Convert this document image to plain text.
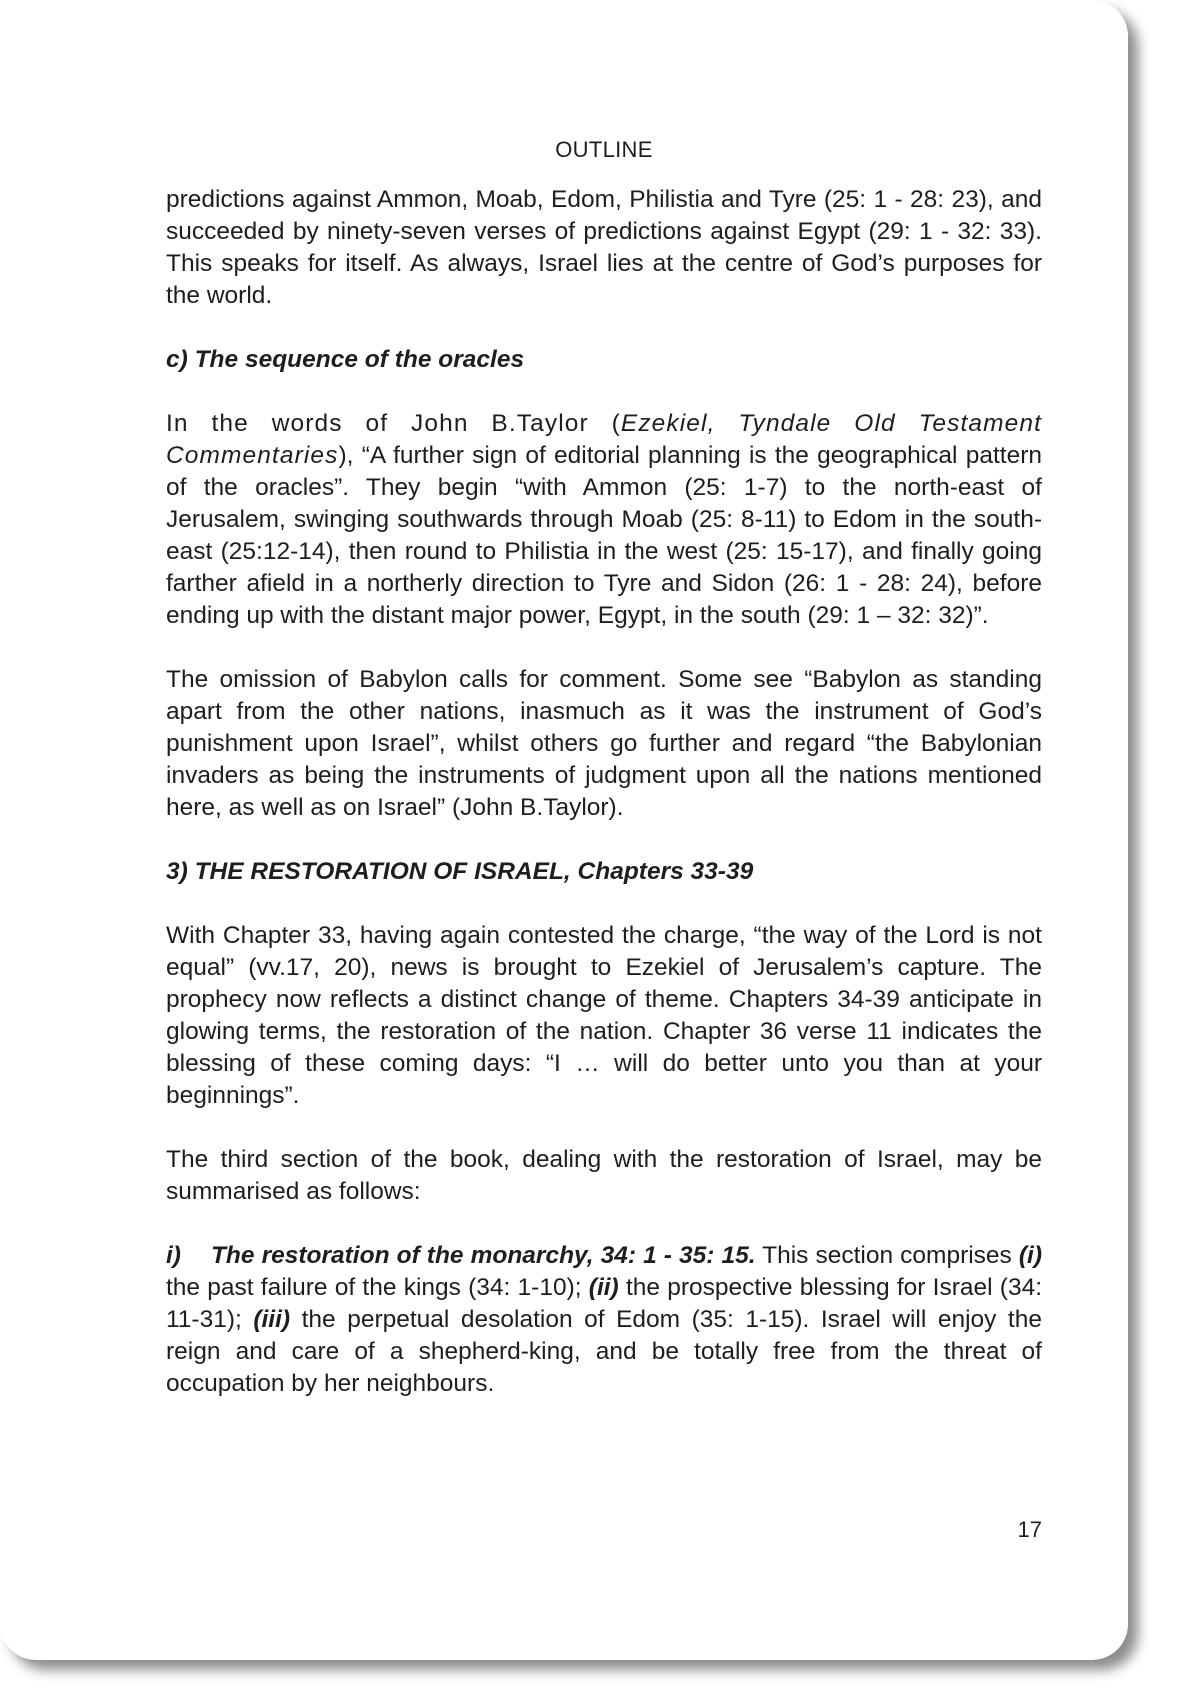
OUTLINE

predictions against Ammon, Moab, Edom, Philistia and Tyre (25: 1 - 28: 23), and succeeded by ninety-seven verses of predictions against Egypt (29: 1 - 32: 33). This speaks for itself. As always, Israel lies at the centre of God’s purposes for the world.

c) The sequence of the oracles

In the words of John B.Taylor (Ezekiel, Tyndale Old Testament Commentaries), “A further sign of editorial planning is the geographical pattern of the oracles”. They begin “with Ammon (25: 1-7) to the north-east of Jerusalem, swinging southwards through Moab (25: 8-11) to Edom in the south-east (25:12-14), then round to Philistia in the west (25: 15-17), and finally going farther afield in a northerly direction to Tyre and Sidon (26: 1 - 28: 24), before ending up with the distant major power, Egypt, in the south (29: 1 – 32: 32)”.

The omission of Babylon calls for comment. Some see “Babylon as standing apart from the other nations, inasmuch as it was the instrument of God’s punishment upon Israel”, whilst others go further and regard “the Babylonian invaders as being the instruments of judgment upon all the nations mentioned here, as well as on Israel” (John B.Taylor).

3) THE RESTORATION OF ISRAEL, Chapters 33-39

With Chapter 33, having again contested the charge, “the way of the Lord is not equal” (vv.17, 20), news is brought to Ezekiel of Jerusalem’s capture. The prophecy now reflects a distinct change of theme. Chapters 34-39 anticipate in glowing terms, the restoration of the nation. Chapter 36 verse 11 indicates the blessing of these coming days: “I … will do better unto you than at your beginnings”.

The third section of the book, dealing with the restoration of Israel, may be summarised as follows:

i) The restoration of the monarchy, 34: 1 - 35: 15. This section comprises (i) the past failure of the kings (34: 1-10); (ii) the prospective blessing for Israel (34: 11-31); (iii) the perpetual desolation of Edom (35: 1-15). Israel will enjoy the reign and care of a shepherd-king, and be totally free from the threat of occupation by her neighbours.

17
